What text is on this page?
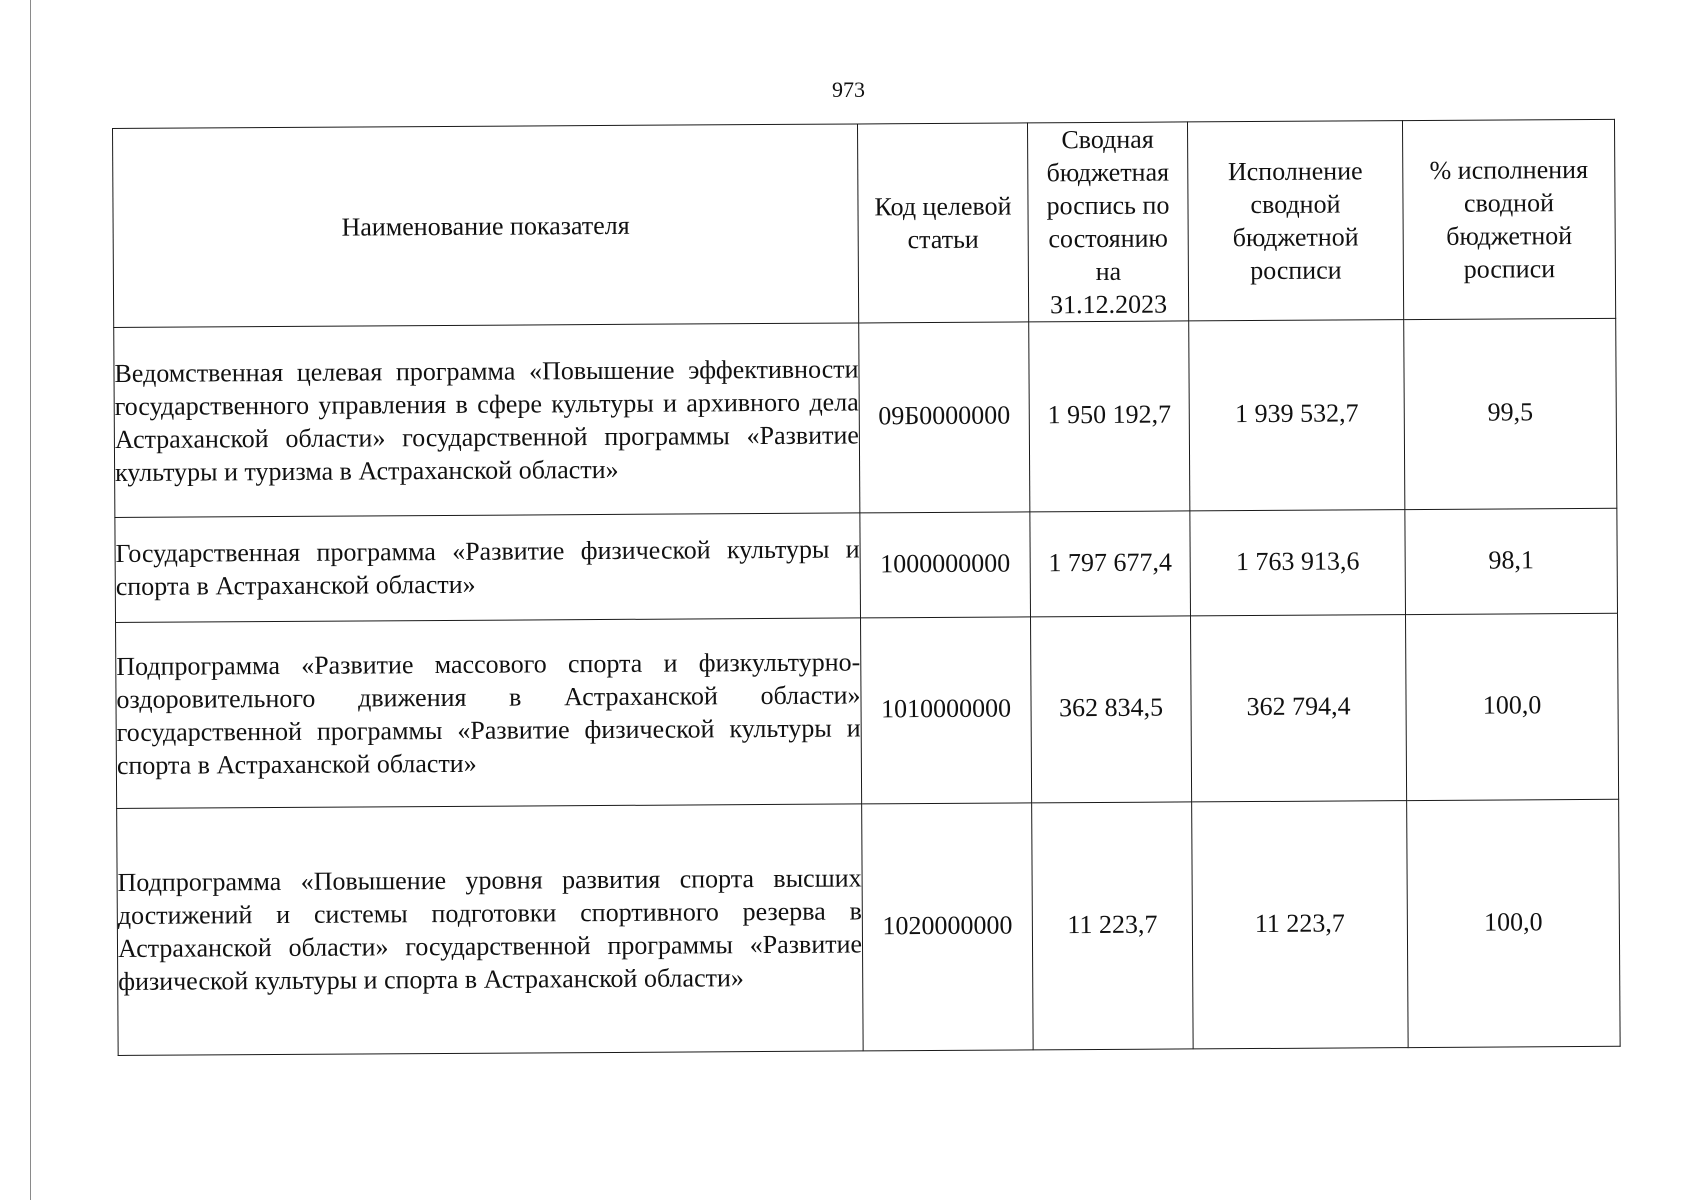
973
Наименование показателя	Код целевой статьи	Сводная бюджетная роспись по состоянию на 31.12.2023	Исполнение сводной бюджетной росписи	% исполнения сводной бюджетной росписи
Ведомственная целевая программа «Повышение эффективности государственного управления в сфере культуры и архивного дела Астраханской области» государственной программы «Развитие культуры и туризма в Астраханской области»	09Б0000000	1 950 192,7	1 939 532,7	99,5
Государственная программа «Развитие физической культуры и спорта в Астраханской области»	1000000000	1 797 677,4	1 763 913,6	98,1
Подпрограмма «Развитие массового спорта и физкультурно-оздоровительного движения в Астраханской области» государственной программы «Развитие физической культуры и спорта в Астраханской области»	1010000000	362 834,5	362 794,4	100,0
Подпрограмма «Повышение уровня развития спорта высших достижений и системы подготовки спортивного резерва в Астраханской области» государственной программы «Развитие физической культуры и спорта в Астраханской области»	1020000000	11 223,7	11 223,7	100,0
